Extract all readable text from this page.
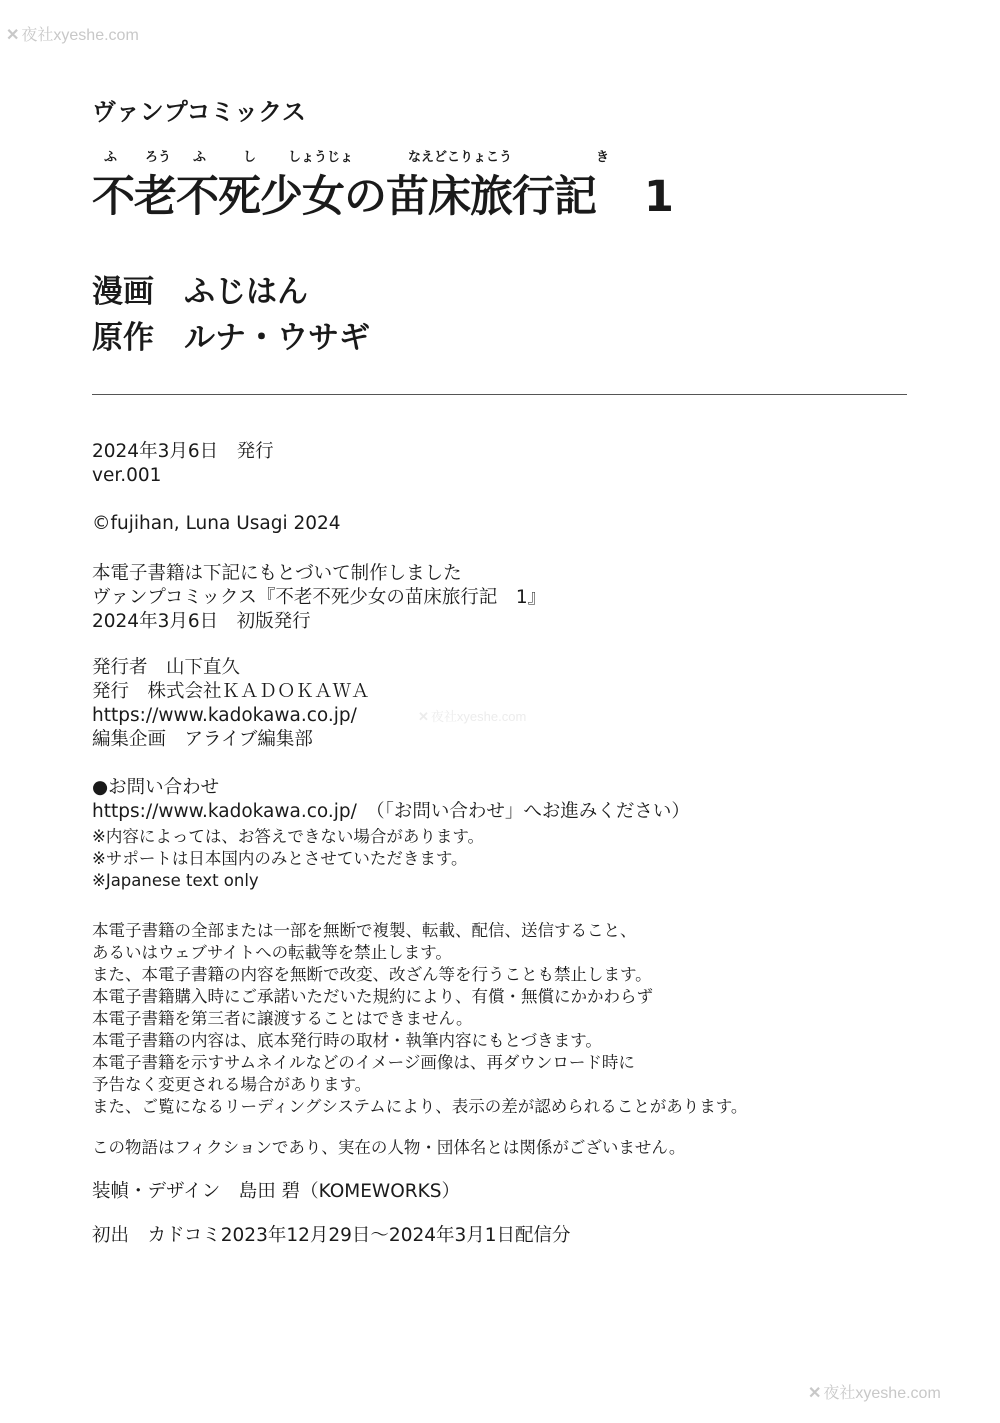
✕ 夜社xyeshe.com
✕ 夜社xyeshe.com
✕ 夜社xyeshe.com
ヴァンプコミックス
ふ ろう ふ	し しょうじょ	なえどこりょこう	き
不老不死少女の苗床旅行記 1
漫画 ふじはん
原作 ルナ・ウサギ
2024年3月6日　発行
ver.001
©fujihan, Luna Usagi 2024
本電子書籍は下記にもとづいて制作しました
ヴァンプコミックス『不老不死少女の苗床旅行記　1』
2024年3月6日　初版発行
発行者　山下直久
発行　株式会社ＫＡＤＯＫＡＷＡ
https://www.kadokawa.co.jp/
編集企画　アライブ編集部
●お問い合わせ
https://www.kadokawa.co.jp/　（「お問い合わせ」へお進みください）
※内容によっては、お答えできない場合があります。
※サポートは日本国内のみとさせていただきます。
※Japanese text only
本電子書籍の全部または一部を無断で複製、転載、配信、送信すること、
あるいはウェブサイトへの転載等を禁止します。
また、本電子書籍の内容を無断で改変、改ざん等を行うことも禁止します。
本電子書籍購入時にご承諾いただいた規約により、有償・無償にかかわらず
本電子書籍を第三者に譲渡することはできません。
本電子書籍の内容は、底本発行時の取材・執筆内容にもとづきます。
本電子書籍を示すサムネイルなどのイメージ画像は、再ダウンロード時に
予告なく変更される場合があります。
また、ご覧になるリーディングシステムにより、表示の差が認められることがあります。
この物語はフィクションであり、実在の人物・団体名とは関係がございません。
装幀・デザイン　島田 碧（KOMEWORKS）
初出　カドコミ2023年12月29日～2024年3月1日配信分
